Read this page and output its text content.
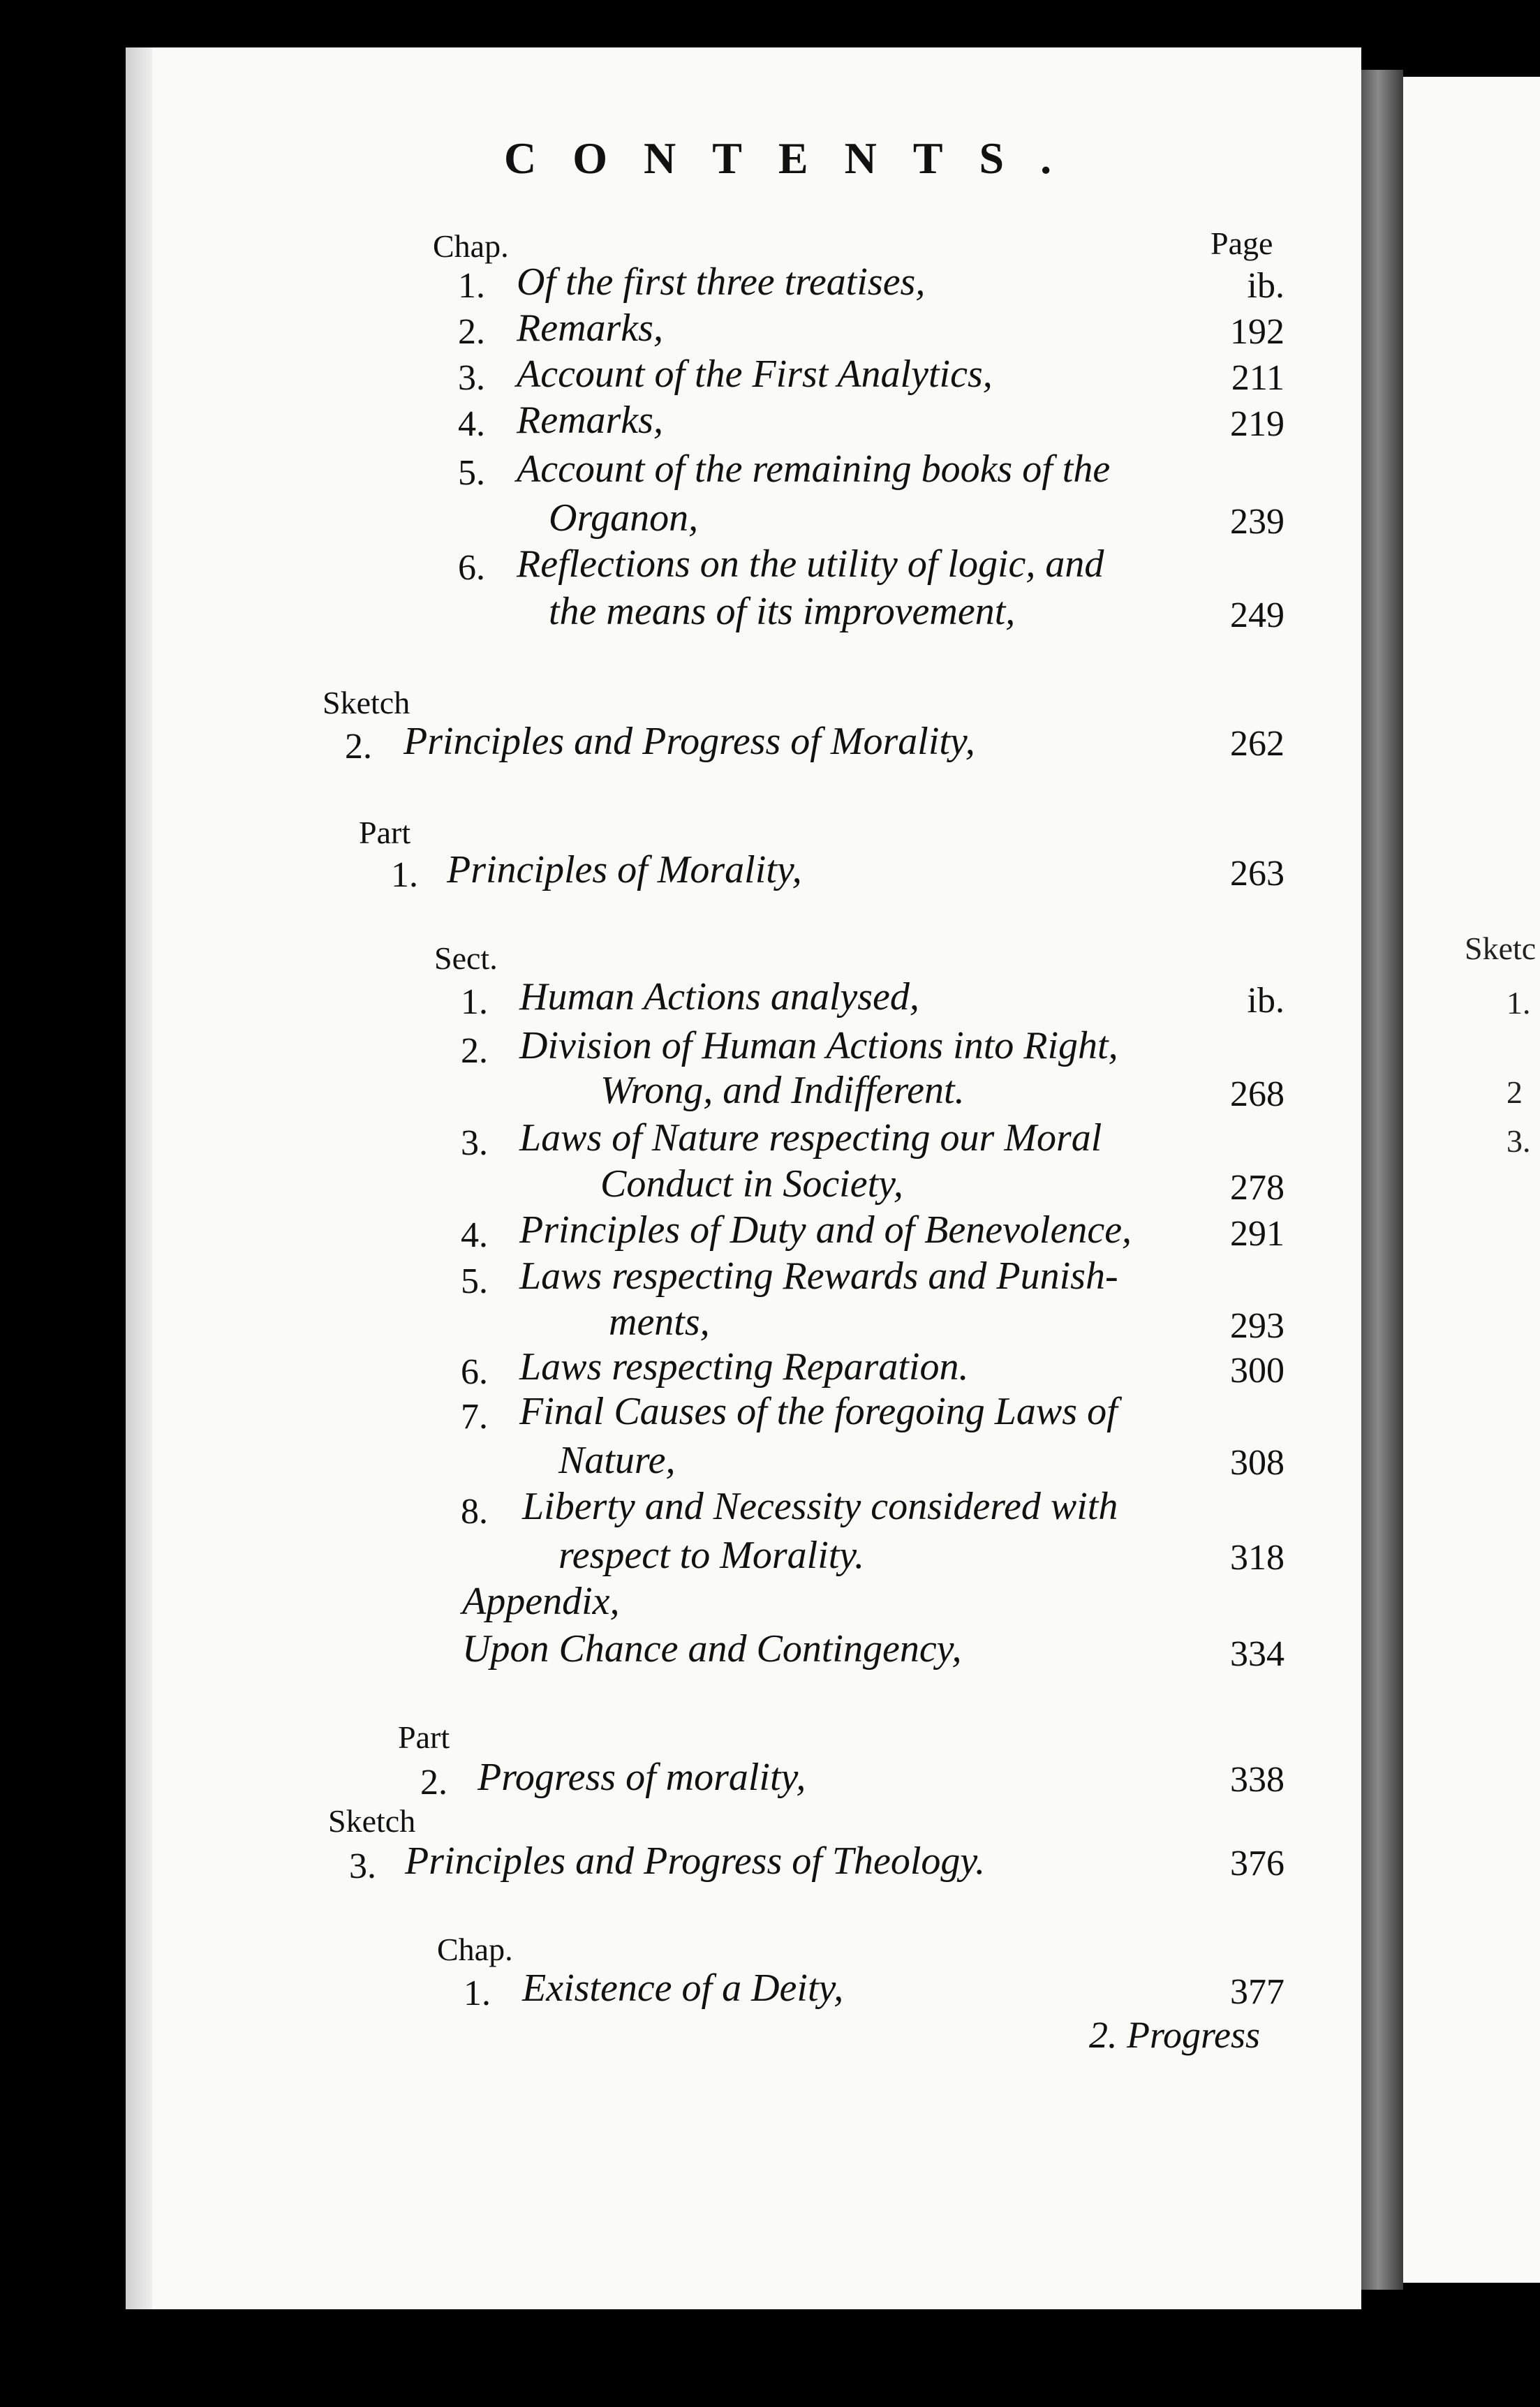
Sketc
1.
2
3.
CONTENTS.
Chap.	Page
1. Of the first three treatises,	ib.
2. Remarks,	192
3. Account of the First Analytics,	211
4. Remarks,	219
5. Account of the remaining books of the
Organon,	239
6. Reflections on the utility of logic, and
the means of its improvement,	249
Sketch
2. Principles and Progress of Morality,	262
Part
1. Principles of Morality,	263
Sect.
1. Human Actions analysed,	ib.
2. Division of Human Actions into Right,
Wrong, and Indifferent.	268
3. Laws of Nature respecting our Moral
Conduct in Society,	278
4. Principles of Duty and of Benevolence,	291
5. Laws respecting Rewards and Punish-
ments,	293
6. Laws respecting Reparation.	300
7. Final Causes of the foregoing Laws of
Nature,	308
8. Liberty and Necessity considered with
respect to Morality.	318
Appendix,
Upon Chance and Contingency,	334
Part
2. Progress of morality,	338
Sketch
3. Principles and Progress of Theology.	376
Chap.
1. Existence of a Deity,	377
2. Progress
